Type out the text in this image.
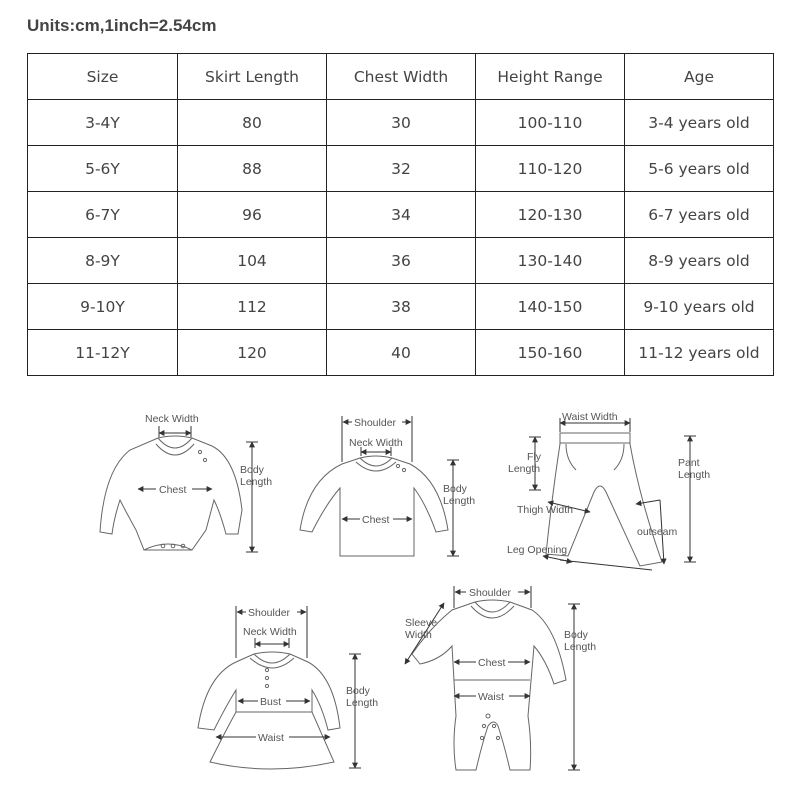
Units:cm,1inch=2.54cm
Size	Skirt Length	Chest Width	Height Range	Age
3-4Y	80	30	100-110	3-4 years old
5-6Y	88	32	110-120	5-6 years old
6-7Y	96	34	120-130	6-7 years old
8-9Y	104	36	130-140	8-9 years old
9-10Y	112	38	140-150	9-10 years old
11-12Y	120	40	150-160	11-12 years old
Neck Width
Chest
Body
Length
Shoulder
Neck Width
Chest
Body
Length
Waist Width
Fly
Length	Pant
Length
Thigh Width
outseam
Leg Opening
Shoulder
Neck Width
Bust
Waist
Body
Length
Shoulder
Sleeve
Width
Chest
Waist
Body
Length
